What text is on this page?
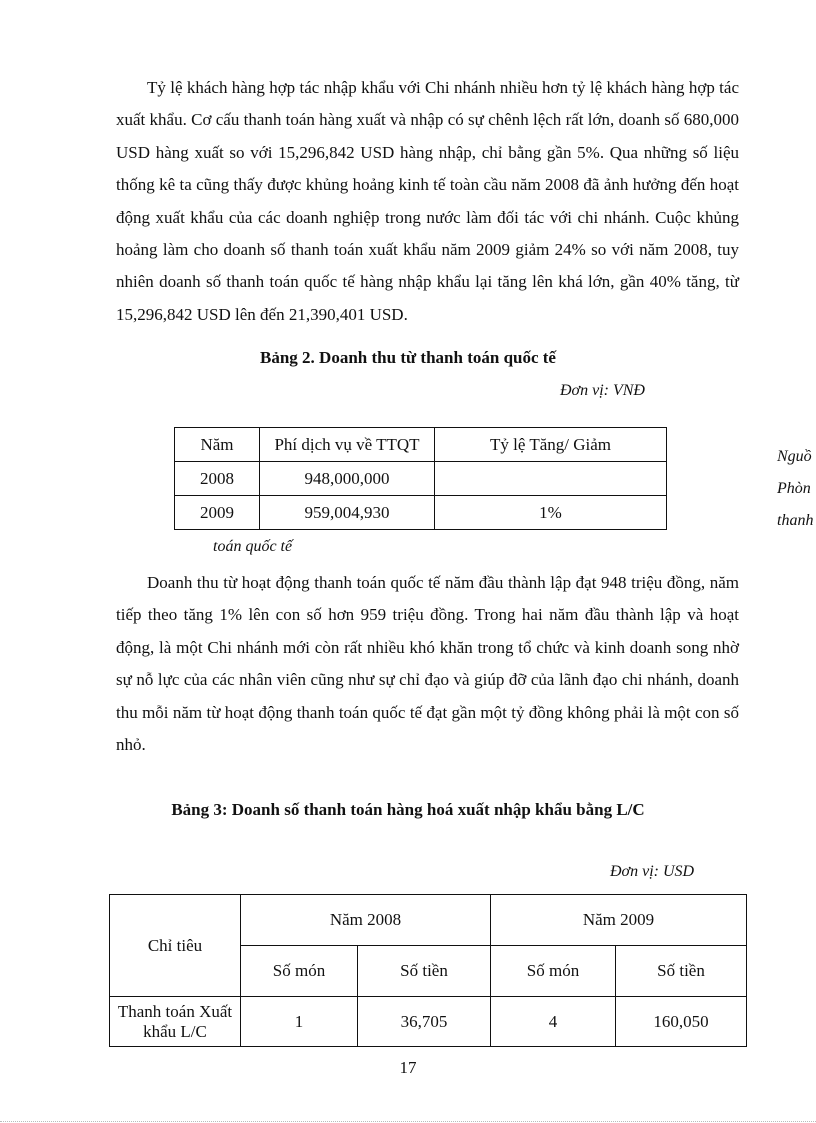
Tỷ lệ khách hàng hợp tác nhập khẩu với Chi nhánh nhiều hơn tỷ lệ khách hàng hợp tác xuất khẩu. Cơ cấu thanh toán hàng xuất và nhập có sự chênh lệch rất lớn, doanh số 680,000 USD hàng xuất so với 15,296,842 USD hàng nhập, chỉ bằng gần 5%. Qua những số liệu thống kê ta cũng thấy được khủng hoảng kinh tế toàn cầu năm 2008 đã ảnh hưởng đến hoạt động xuất khẩu của các doanh nghiệp trong nước làm đối tác với chi nhánh. Cuộc khủng hoảng làm cho doanh số thanh toán xuất khẩu năm 2009 giảm 24% so với năm 2008, tuy nhiên doanh số thanh toán quốc tế hàng nhập khẩu lại tăng lên khá lớn, gần 40% tăng, từ 15,296,842 USD lên đến 21,390,401 USD.

Bảng 2. Doanh thu từ thanh toán quốc tế
Đơn vị: VNĐ
Năm	Phí dịch vụ về TTQT	Tỷ lệ Tăng/ Giảm
2008	948,000,000	
2009	959,004,930	1%
Nguồ
Phòn
thanh
toán quốc tế

Doanh thu từ hoạt động thanh toán quốc tế năm đầu thành lập đạt 948 triệu đồng, năm tiếp theo tăng 1% lên con số hơn 959 triệu đồng. Trong hai năm đầu thành lập và hoạt động, là một Chi nhánh mới còn rất nhiều khó khăn trong tổ chức và kinh doanh song nhờ sự nỗ lực của các nhân viên cũng như sự chỉ đạo và giúp đỡ của lãnh đạo chi nhánh, doanh thu mỗi năm từ hoạt động thanh toán quốc tế đạt gần một tỷ đồng không phải là một con số nhỏ.

Bảng 3: Doanh số thanh toán hàng hoá xuất nhập khẩu bằng L/C
Đơn vị: USD
Chỉ tiêu	Năm 2008		Năm 2009	
	Số món	Số tiền	Số món	Số tiền
Thanh toán Xuất khẩu L/C	1	36,705	4	160,050
17
